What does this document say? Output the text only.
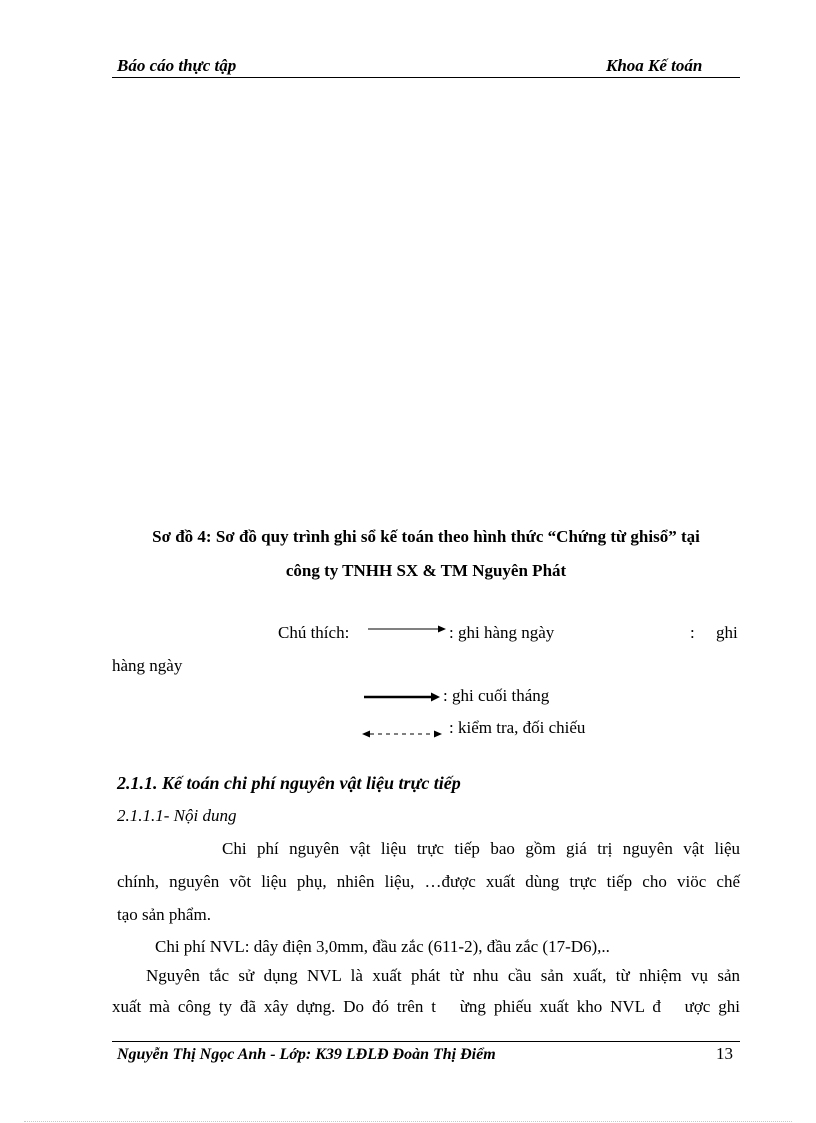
Báo cáo thực tập	Khoa Kế toán
Sơ đồ 4: Sơ đồ quy trình ghi sổ kế toán theo hình thức “Chứng từ ghisổ” tại
công ty TNHH SX & TM Nguyên Phát
Chú thích:	: ghi hàng ngày	: ghi
hàng ngày
: ghi cuối tháng
: kiểm tra, đối chiếu
2.1.1. Kế toán chi phí nguyên vật liệu trực tiếp
2.1.1.1- Nội dung
Chi phí nguyên vật liệu trực tiếp bao gồm giá trị nguyên vật liệu
chính, nguyên võt liệu phụ, nhiên liệu, …được xuất dùng trực tiếp cho viöc chế
tạo sản phẩm.
Chi phí NVL: dây điện 3,0mm, đầu zắc (611-2), đầu zắc (17-D6),..
Nguyên tắc sử dụng NVL là xuất phát từ nhu cầu sản xuất, từ nhiệm vụ sản
xuất mà công ty đã xây dựng. Do đó trên t   ừng phiếu xuất kho NVL đ   ược ghi
Nguyễn Thị Ngọc Anh - Lớp: K39 LĐLĐ Đoàn Thị Điểm	13
